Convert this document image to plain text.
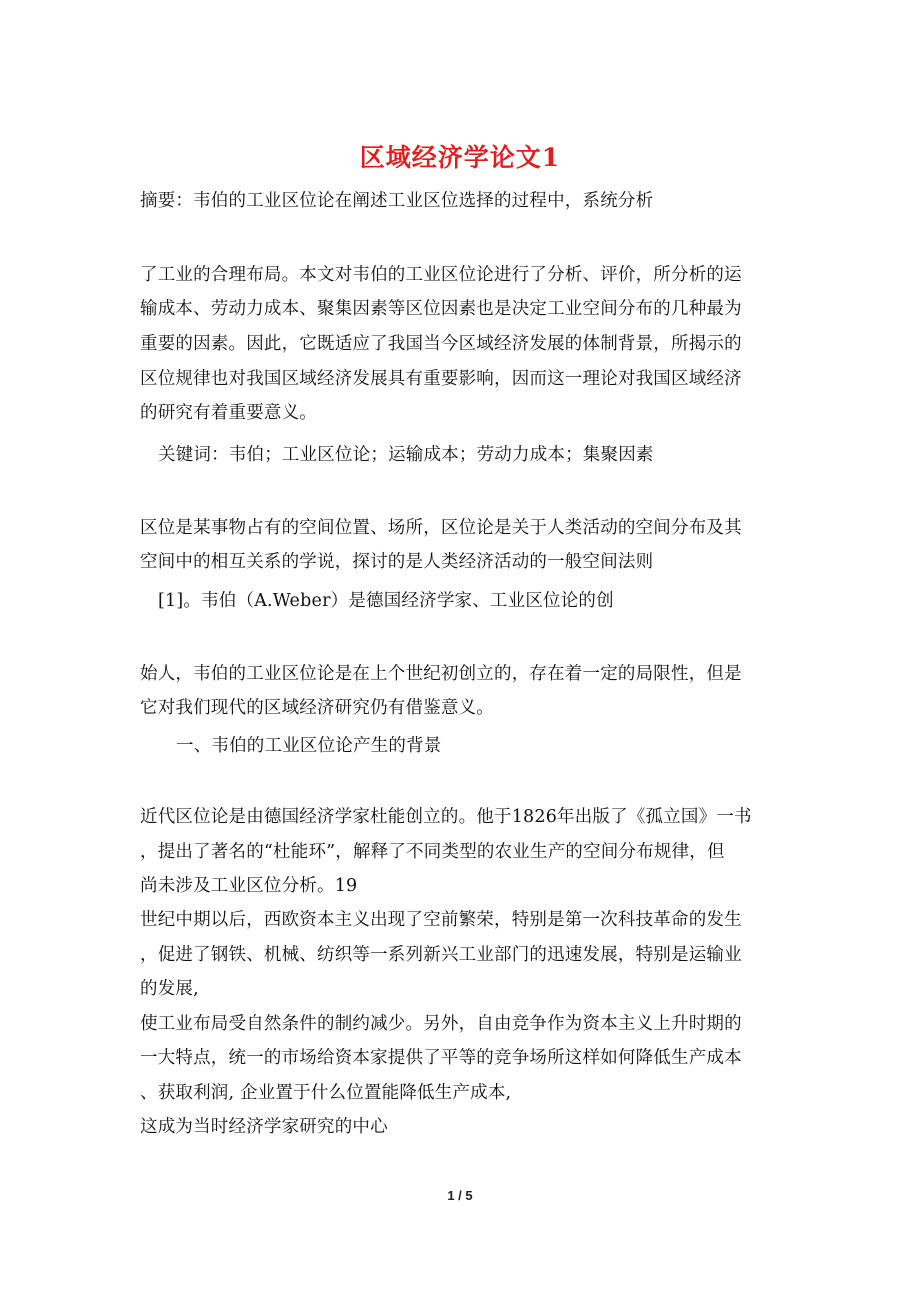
区域经济学论文1
摘要：韦伯的工业区位论在阐述工业区位选择的过程中，系统分析
了工业的合理布局。本文对韦伯的工业区位论进行了分析、评价，所分析的运
输成本、劳动力成本、聚集因素等区位因素也是决定工业空间分布的几种最为
重要的因素。因此，它既适应了我国当今区域经济发展的体制背景，所揭示的
区位规律也对我国区域经济发展具有重要影响，因而这一理论对我国区域经济
的研究有着重要意义。
关键词：韦伯；工业区位论；运输成本；劳动力成本；集聚因素
区位是某事物占有的空间位置、场所，区位论是关于人类活动的空间分布及其
空间中的相互关系的学说，探讨的是人类经济活动的一般空间法则
[1]。韦伯（A.Weber）是德国经济学家、工业区位论的创
始人，韦伯的工业区位论是在上个世纪初创立的，存在着一定的局限性，但是
它对我们现代的区域经济研究仍有借鉴意义。
一、韦伯的工业区位论产生的背景
近代区位论是由德国经济学家杜能创立的。他于1826年出版了《孤立国》一书
，提出了著名的“杜能环”，解释了不同类型的农业生产的空间分布规律，但
尚未涉及工业区位分析。19
世纪中期以后，西欧资本主义出现了空前繁荣，特别是第一次科技革命的发生
，促进了钢铁、机械、纺织等一系列新兴工业部门的迅速发展，特别是运输业
的发展,
使工业布局受自然条件的制约减少。另外，自由竞争作为资本主义上升时期的
一大特点，统一的市场给资本家提供了平等的竞争场所这样如何降低生产成本
、获取利润, 企业置于什么位置能降低生产成本,
这成为当时经济学家研究的中心
1 / 5
